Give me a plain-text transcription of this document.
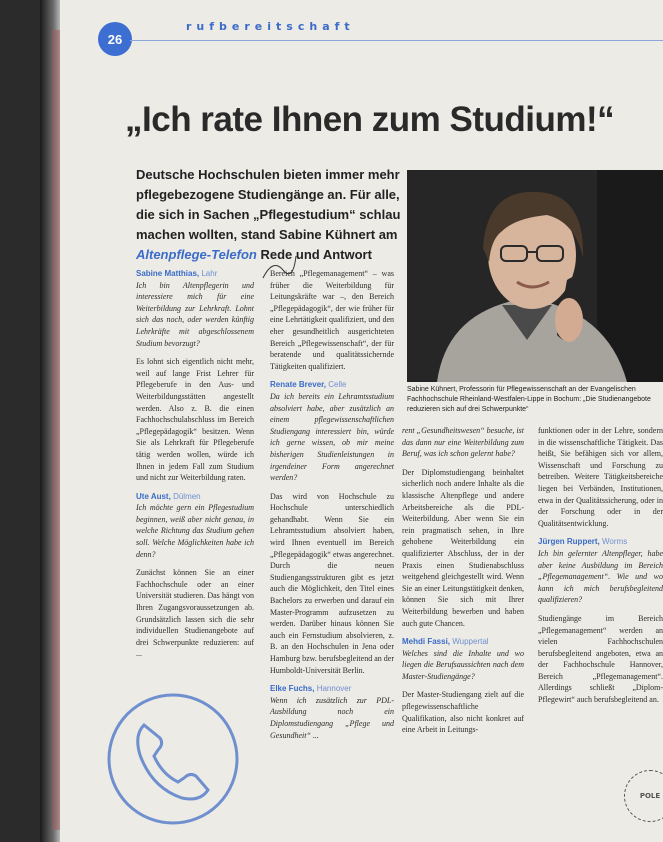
26
rufbereitschaft
„Ich rate Ihnen zum Studium!“
Deutsche Hochschulen bieten immer mehr pflegebezogene Studiengänge an. Für alle, die sich in Sachen „Pflegestudium“ schlau machen wollten, stand Sabine Kühnert am Altenpflege-Telefon Rede und Antwort
Sabine Kühnert, Professorin für Pflegewissenschaft an der Evangelischen Fachhochschule Rheinland-Westfalen-Lippe in Bochum: „Die Studienangebote reduzieren sich auf drei Schwerpunkte“

Sabine Matthias, Lahr
Ich bin Altenpflegerin und interessiere mich für eine Weiterbildung zur Lehrkraft. Lohnt sich das noch, oder werden künftig Lehrkräfte mit abgeschlossenem Studium bevorzugt?

Es lohnt sich eigentlich nicht mehr, weil auf lange Frist Lehrer für Pflegeberufe in den Aus- und Weiterbildungsstätten angestellt werden. Also z. B. die einen Fachhochschulabschluss im Bereich „Pflegepädagogik“ besitzen. Wenn Sie als Lehrkraft für Pflegeberufe tätig werden wollen, würde ich Ihnen in jedem Fall zum Studium und nicht zur Weiterbildung raten.

Ute Aust, Dülmen
Ich möchte gern ein Pflegestudium beginnen, weiß aber nicht genau, in welche Richtung das Studium gehen soll. Welche Möglichkeiten habe ich denn?

Zunächst können Sie an einer Fachhochschule oder an einer Universität studieren. Das hängt von Ihren Zugangsvoraussetzungen ab. Grundsätzlich lassen sich die sehr individuellen Studienangebote auf drei Schwerpunkte reduzieren: auf ...

Bereich „Pflegemanagement“ – was früher die Weiterbildung für Leitungskräfte war –, den Bereich „Pflegepädagogik“, der wie früher für eine Lehrtätigkeit qualifiziert, und den eher gesundheitlich ausgerichteten Bereich „Pflegewissenschaft“, der für beratende und qualitätssichernde Tätigkeiten qualifiziert.

Renate Brever, Celle
Da ich bereits ein Lehramtsstudium absolviert habe, aber zusätzlich an einem pflegewissenschaftlichen Studiengang interessiert bin, würde ich gerne wissen, ob mir meine bisherigen Studienleistungen in irgendeiner Form angerechnet werden?

Das wird von Hochschule zu Hochschule unterschiedlich gehandhabt. Wenn Sie ein Lehramtsstudium absolviert haben, wird Ihnen eventuell im Bereich „Pflegepädagogik“ etwas angerechnet. Durch die neuen Studiengangsstrukturen gibt es jetzt auch die Möglichkeit, den Titel eines Bachelors zu erwerben und darauf ein Master-Programm aufzusetzen zu werden. Darüber hinaus können Sie auch ein Fernstudium absolvieren, z. B. an den Hochschulen in Jena oder Hamburg bzw. berufsbegleitend an der Humboldt-Universität Berlin.

Elke Fuchs, Hannover
Wenn ich zusätzlich zur PDL-Ausbildung noch ein Diplomstudiengang „Pflege und Gesundheit“ ...

rent „Gesundheitswesen“ besuche, ist das dann nur eine Weiterbildung zum Beruf, was ich schon gelernt habe?

Der Diplomstudiengang beinhaltet sicherlich noch andere Inhalte als die klassische Altenpflege und andere Arbeitsbereiche als die PDL-Weiterbildung. Aber wenn Sie ein rein pragmatisch sehen, in Ihre gehobene Weiterbildung ein qualifizierter Abschluss, der in der Praxis einen Studienabschluss weitgehend gleichgestellt wird. Wenn Sie an einer Leitungstätigkeit denken, können Sie sich mit Ihrer Weiterbildung bewerben und haben auch gute Chancen.

Mehdi Fassi, Wuppertal
Welches sind die Inhalte und wo liegen die Berufsaussichten nach dem Master-Studiengänge?

Der Master-Studiengang zielt auf die pflegewissenschaftliche Qualifikation, also nicht konkret auf eine Arbeit in Leitungs-

funktionen oder in der Lehre, sondern in die wissenschaftliche Tätigkeit. Das heißt, Sie befähigen sich vor allem, Wissenschaft und Forschung zu betreiben. Weitere Tätigkeitsbereiche liegen bei Verbänden, Institutionen, etwa in der Qualitätssicherung, oder in der Forschung oder in der Qualitätsentwicklung.

Jürgen Ruppert, Worms
Ich bin gelernter Altenpfleger, habe aber keine Ausbildung im Bereich „Pflegemanagement“. Wie und wo kann ich mich berufsbegleitend qualifizieren?

Studiengänge im Bereich „Pflegemanagement“ werden an vielen Fachhochschulen berufsbegleitend angeboten, etwa an der Fachhochschule Hannover, Bereich „Pflegemanagement“. Allerdings schließt „Diplom-Pflegewirt“ auch berufsbegleitend an.

POLE
